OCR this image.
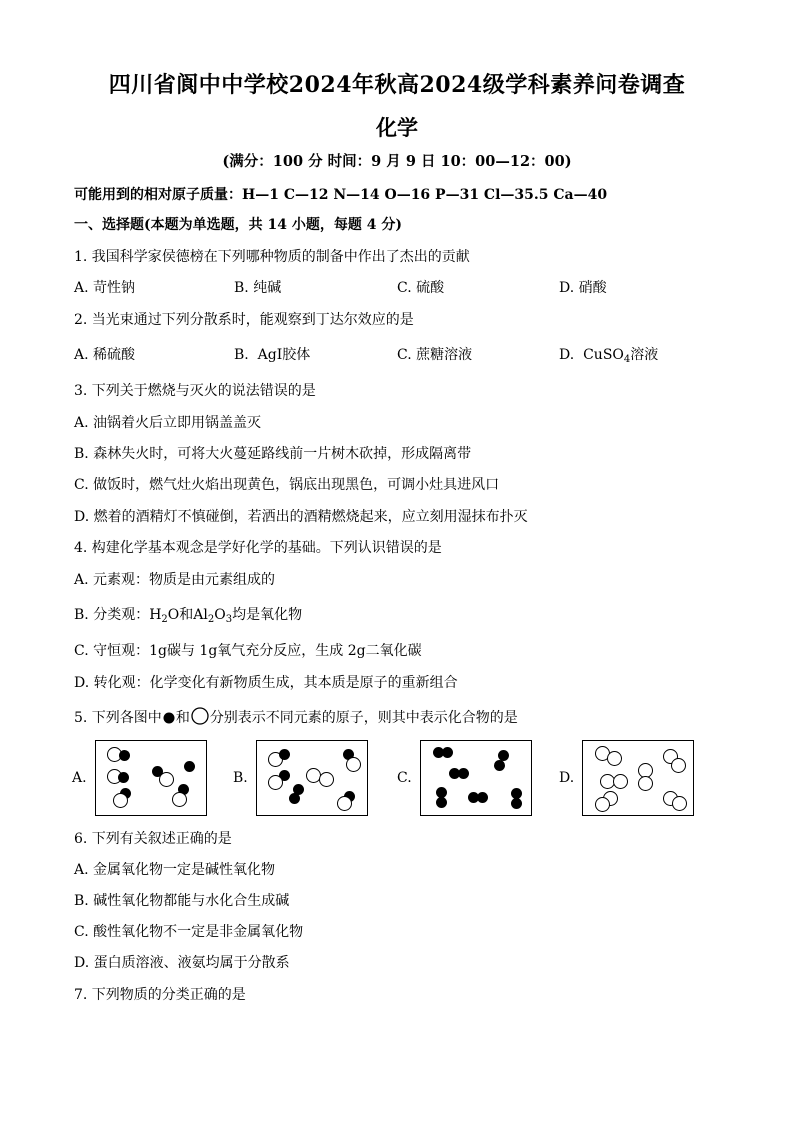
四川省阆中中学校2024年秋高2024级学科素养问卷调查
化学
(满分：100 分 时间：9 月 9 日 10：00—12：00)
可能用到的相对原子质量：H—1 C—12 N—14 O—16 P—31 Cl—35.5 Ca—40
一、选择题(本题为单选题，共 14 小题，每题 4 分)
1. 我国科学家侯德榜在下列哪种物质的制备中作出了杰出的贡献
A. 苛性钠	B. 纯碱	C. 硫酸	D. 硝酸
2. 当光束通过下列分散系时，能观察到丁达尔效应的是
A. 稀硫酸	B. AgI胶体	C. 蔗糖溶液	D. CuSO$_4$溶液
3. 下列关于燃烧与灭火的说法错误的是
A. 油锅着火后立即用锅盖盖灭
B. 森林失火时，可将大火蔓延路线前一片树木砍掉，形成隔离带
C. 做饭时，燃气灶火焰出现黄色，锅底出现黑色，可调小灶具进风口
D. 燃着的酒精灯不慎碰倒，若洒出的酒精燃烧起来，应立刻用湿抹布扑灭
4. 构建化学基本观念是学好化学的基础。下列认识错误的是
A. 元素观：物质是由元素组成的
B. 分类观：$H_2O$和$Al_2O_3$均是氧化物
C. 守恒观：1g碳与 1g氧气充分反应，生成 2g二氧化碳
D. 转化观：化学变化有新物质生成，其本质是原子的重新组合
5. 下列各图中 和 分别表示不同元素的原子，则其中表示化合物的是
A.	B.	C.	D.
6. 下列有关叙述正确的是
A. 金属氧化物一定是碱性氧化物
B. 碱性氧化物都能与水化合生成碱
C. 酸性氧化物不一定是非金属氧化物
D. 蛋白质溶液、液氨均属于分散系
7. 下列物质的分类正确的是
